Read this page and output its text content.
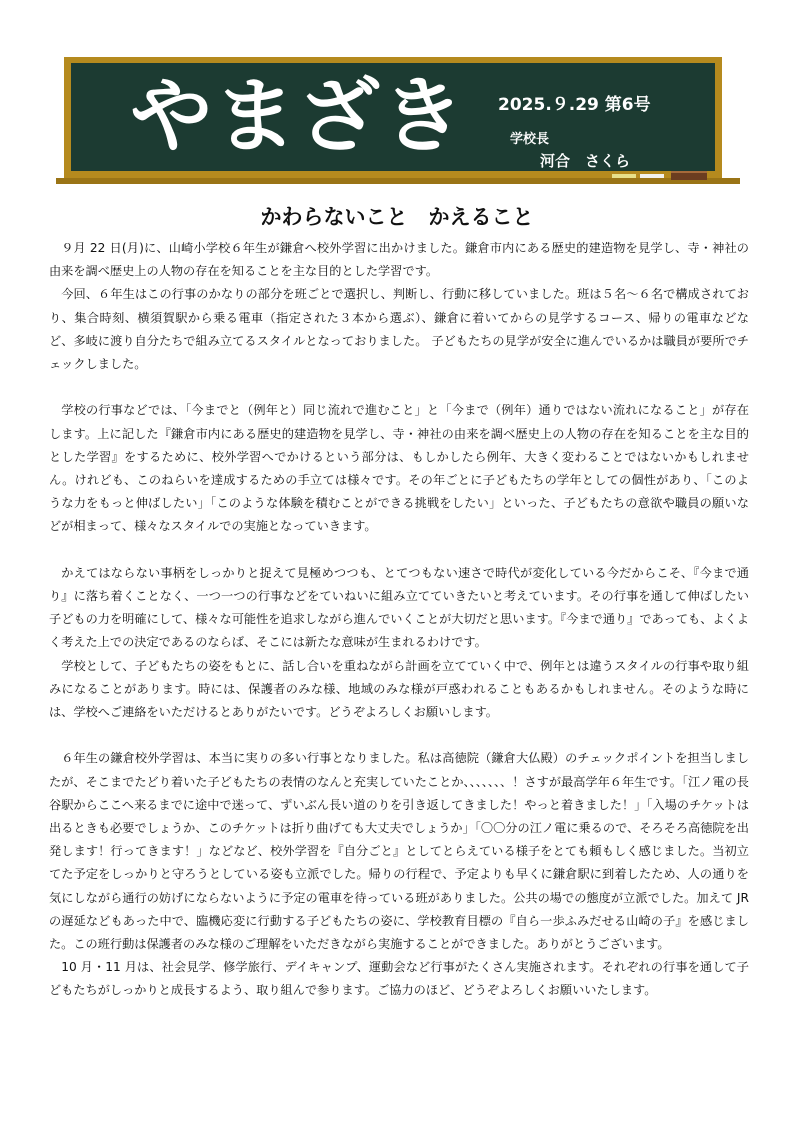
やまざき 2025.９.29 第6号
学校長
河合　さくら
かわらないこと　かえること

９月 22 日(月)に、山崎小学校６年生が鎌倉へ校外学習に出かけました。鎌倉市内にある歴史的建造物を見学し、寺・神社の由来を調べ歴史上の人物の存在を知ることを主な目的とした学習です。

今回、６年生はこの行事のかなりの部分を班ごとで選択し、判断し、行動に移していました。班は５名～６名で構成されており、集合時刻、横須賀駅から乗る電車（指定された３本から選ぶ）、鎌倉に着いてからの見学するコース、帰りの電車などなど、多岐に渡り自分たちで組み立てるスタイルとなっておりました。 子どもたちの見学が安全に進んでいるかは職員が要所でチェックしました。

学校の行事などでは、「今までと（例年と）同じ流れで進むこと」と「今まで（例年）通りではない流れになること」が存在します。上に記した『鎌倉市内にある歴史的建造物を見学し、寺・神社の由来を調べ歴史上の人物の存在を知ることを主な目的とした学習』をするために、校外学習へでかけるという部分は、もしかしたら例年、大きく変わることではないかもしれません。けれども、このねらいを達成するための手立ては様々です。その年ごとに子どもたちの学年としての個性があり、「このような力をもっと伸ばしたい」「このような体験を積むことができる挑戦をしたい」といった、子どもたちの意欲や職員の願いなどが相まって、様々なスタイルでの実施となっていきます。

かえてはならない事柄をしっかりと捉えて見極めつつも、とてつもない速さで時代が変化している今だからこそ、『今まで通り』に落ち着くことなく、一つ一つの行事などをていねいに組み立てていきたいと考えています。その行事を通して伸ばしたい子どもの力を明確にして、様々な可能性を追求しながら進んでいくことが大切だと思います。『今まで通り』であっても、よくよく考えた上での決定であるのならば、そこには新たな意味が生まれるわけです。

学校として、子どもたちの姿をもとに、話し合いを重ねながら計画を立てていく中で、例年とは違うスタイルの行事や取り組みになることがあります。時には、保護者のみな様、地域のみな様が戸惑われることもあるかもしれません。そのような時には、学校へご連絡をいただけるとありがたいです。どうぞよろしくお願いします。

６年生の鎌倉校外学習は、本当に実りの多い行事となりました。私は高徳院（鎌倉大仏殿）のチェックポイントを担当しましたが、そこまでたどり着いた子どもたちの表情のなんと充実していたことか、、、、、、、！さすが最高学年６年生です。「江ノ電の長谷駅からここへ来るまでに途中で迷って、ずいぶん長い道のりを引き返してきました！やっと着きました！」「入場のチケットは出るときも必要でしょうか、このチケットは折り曲げても大丈夫でしょうか」「〇〇分の江ノ電に乗るので、そろそろ高徳院を出発します！行ってきます！」などなど、校外学習を『自分ごと』としてとらえている様子をとても頼もしく感じました。当初立てた予定をしっかりと守ろうとしている姿も立派でした。帰りの行程で、予定よりも早くに鎌倉駅に到着したため、人の通りを気にしながら通行の妨げにならないように予定の電車を待っている班がありました。公共の場での態度が立派でした。加えて JR の遅延などもあった中で、臨機応変に行動する子どもたちの姿に、学校教育目標の『自ら一歩ふみだせる山崎の子』を感じました。この班行動は保護者のみな様のご理解をいただきながら実施することができました。ありがとうございます。

10 月・11 月は、社会見学、修学旅行、デイキャンプ、運動会など行事がたくさん実施されます。それぞれの行事を通して子どもたちがしっかりと成長するよう、取り組んで参ります。ご協力のほど、どうぞよろしくお願いいたします。
